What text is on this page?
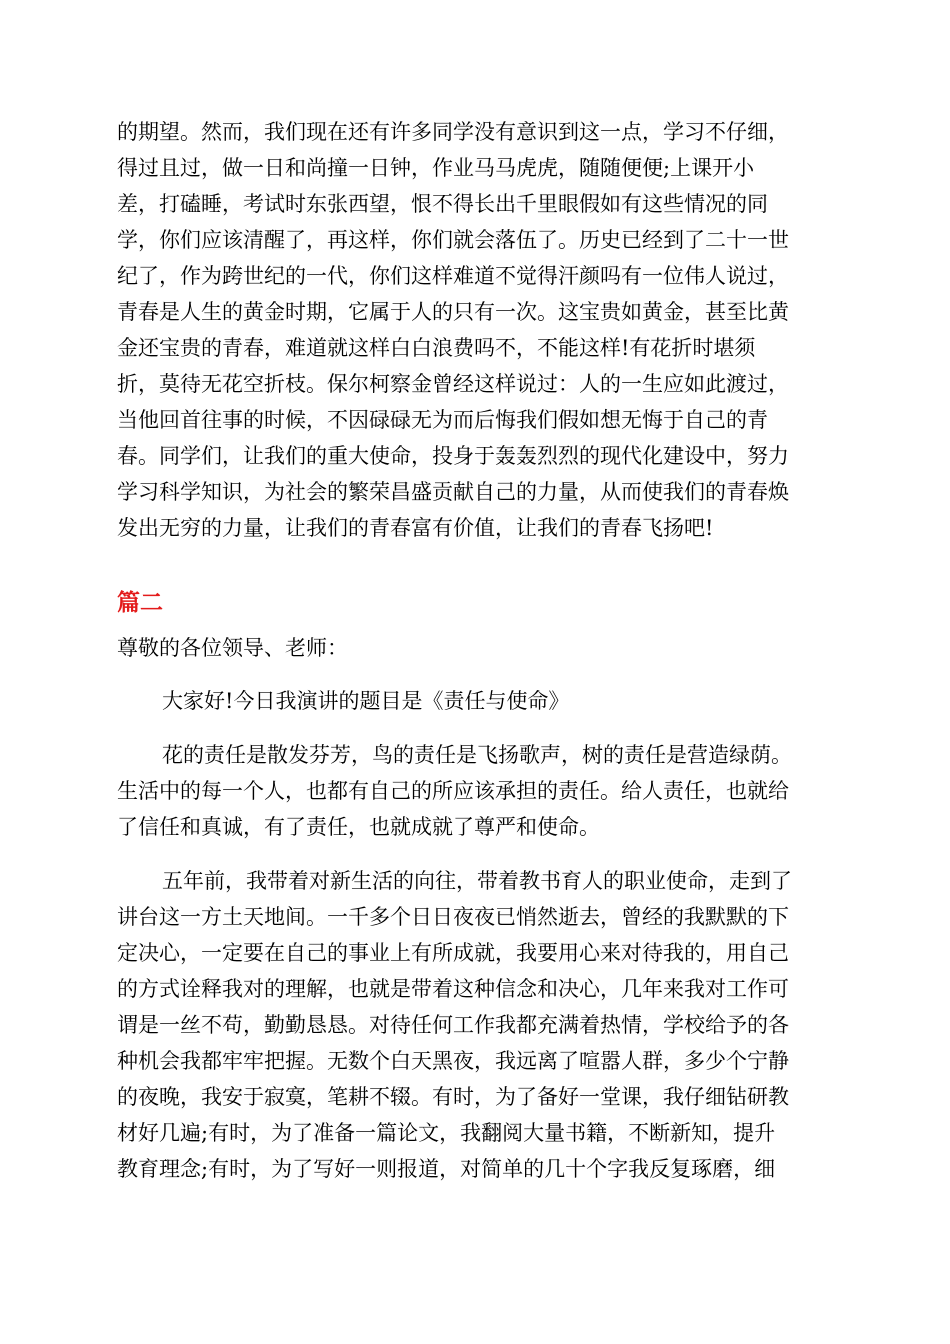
的期望。然而，我们现在还有许多同学没有意识到这一点，学习不仔细，
得过且过，做一日和尚撞一日钟，作业马马虎虎，随随便便;上课开小
差，打磕睡，考试时东张西望，恨不得长出千里眼假如有这些情况的同
学，你们应该清醒了，再这样，你们就会落伍了。历史已经到了二十一世
纪了，作为跨世纪的一代，你们这样难道不觉得汗颜吗有一位伟人说过，
青春是人生的黄金时期，它属于人的只有一次。这宝贵如黄金，甚至比黄
金还宝贵的青春，难道就这样白白浪费吗不，不能这样!有花折时堪须
折，莫待无花空折枝。保尔柯察金曾经这样说过：人的一生应如此渡过，
当他回首往事的时候，不因碌碌无为而后悔我们假如想无悔于自己的青
春。同学们，让我们的重大使命，投身于轰轰烈烈的现代化建设中，努力
学习科学知识，为社会的繁荣昌盛贡献自己的力量，从而使我们的青春焕
发出无穷的力量，让我们的青春富有价值，让我们的青春飞扬吧!
篇二
尊敬的各位领导、老师：
大家好!今日我演讲的题目是《责任与使命》
花的责任是散发芬芳，鸟的责任是飞扬歌声，树的责任是营造绿荫。
生活中的每一个人，也都有自己的所应该承担的责任。给人责任，也就给
了信任和真诚，有了责任，也就成就了尊严和使命。
五年前，我带着对新生活的向往，带着教书育人的职业使命，走到了
讲台这一方土天地间。一千多个日日夜夜已悄然逝去，曾经的我默默的下
定决心，一定要在自己的事业上有所成就，我要用心来对待我的，用自己
的方式诠释我对的理解，也就是带着这种信念和决心，几年来我对工作可
谓是一丝不苟，勤勤恳恳。对待任何工作我都充满着热情，学校给予的各
种机会我都牢牢把握。无数个白天黑夜，我远离了喧嚣人群，多少个宁静
的夜晚，我安于寂寞，笔耕不辍。有时，为了备好一堂课，我仔细钻研教
材好几遍;有时，为了准备一篇论文，我翻阅大量书籍，不断新知，提升
教育理念;有时，为了写好一则报道，对简单的几十个字我反复琢磨，细
